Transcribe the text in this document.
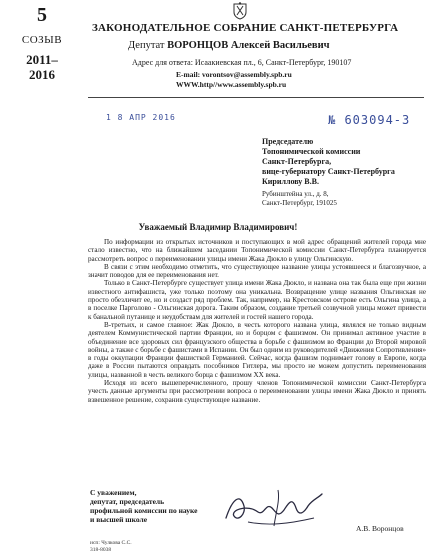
5
СОЗЫВ
2011–
2016
ЗАКОНОДАТЕЛЬНОЕ СОБРАНИЕ САНКТ-ПЕТЕРБУРГА
Депутат ВОРОНЦОВ Алексей Васильевич
Адрес для ответа: Исаакиевская пл., 6, Санкт-Петербург, 190107
E-mail: vorontsov@assembly.spb.ru
WWW.http//www.assembly.spb.ru
1 8 АПР 2016	№ 603094-3
Председателю
Топонимической комиссии
Санкт-Петербурга,
вице-губернатору Санкт-Петербурга
Кириллову В.В.
Рубинштейна ул., д. 8,
Санкт-Петербург, 191025
Уважаемый Владимир Владимирович!

По информации из открытых источников и поступающих в мой адрес обращений жителей города мне стало известно, что на ближайшем заседании Топонимической комиссии Санкт-Петербурга планируется рассмотреть вопрос о переименовании улицы имени Жака Дюкло в улицу Ольгинскую.

В связи с этим необходимо отметить, что существующее название улицы устоявшееся и благозвучное, а значит поводов для ее переименования нет.

Только в Санкт-Петербурге существует улица имени Жака Дюкло, и названа она так была еще при жизни известного антифашиста, уже только поэтому она уникальна. Возвращение улице названия Ольгинская не просто обезличит ее, но и создаст ряд проблем. Так, например, на Крестовском острове есть Ольгина улица, а в поселке Парголово - Ольгинская дорога. Таким образом, создание третьей созвучной улицы может привести к банальной путанице и неудобствам для жителей и гостей нашего города.

В-третьих, и самое главное: Жак Дюкло, в честь которого названа улица, являлся не только видным деятелем Коммунистической партии Франции, но и борцом с фашизмом. Он принимал активное участие в объединение все здоровых сил французского общества в борьбе с фашизмом во Франции до Второй мировой войны, а также с борьбе с фашистами в Испании. Он был одним из руководителей «Движения Сопротивления» в годы оккупации Франции фашисткой Германией. Сейчас, когда фашизм поднимает голову в Европе, когда даже в России пытаются оправдать пособников Гитлера, мы просто не можем допустить переименования улицы, названной в честь великого борца с фашизмом XX века.

Исходя из всего вышеперечисленного, прошу членов Топонимической комиссии Санкт-Петербурга учесть данные аргументы при рассмотрении вопроса о переименовании улицы имени Жака Дюкло и принять взвешенное решение, сохранив существующее название.

С уважением,
депутат, председатель
профильной комиссии по науке
и высшей школе
А.В. Воронцов
исп: Чулкова С.С.
318-8038
